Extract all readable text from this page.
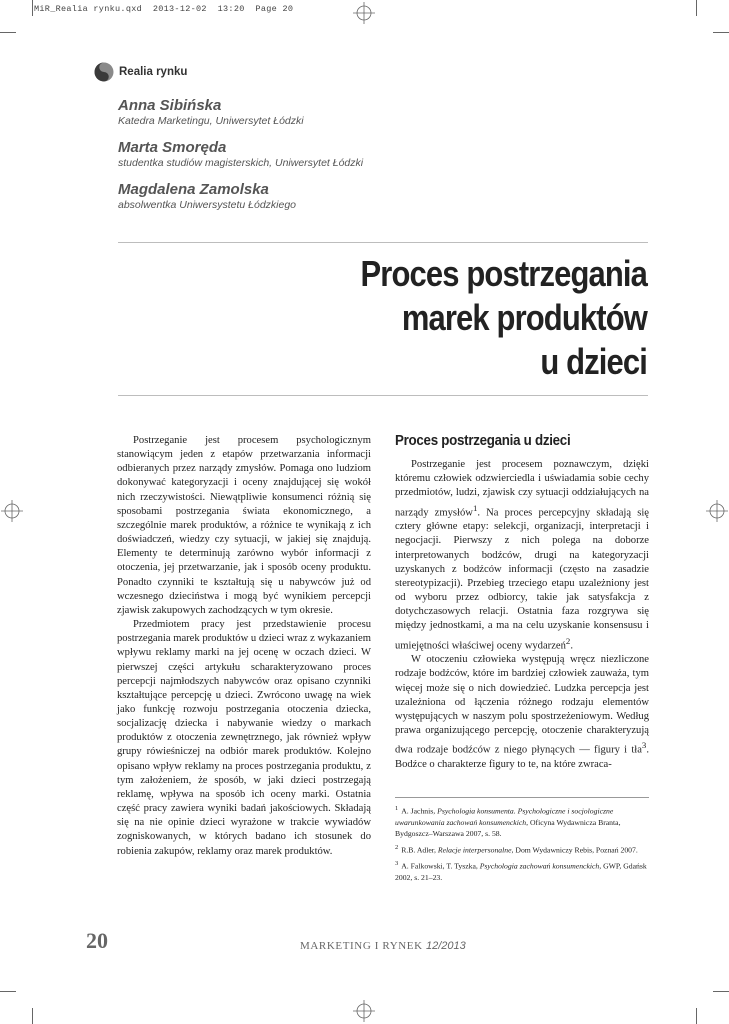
MiR_Realia rynku.qxd  2013-12-02  13:20  Page 20
Realia rynku
Anna Sibińska
Katedra Marketingu, Uniwersytet Łódzki
Marta Smoręda
studentka studiów magisterskich, Uniwersytet Łódzki
Magdalena Zamolska
absolwentka Uniwersystetu Łódzkiego
Proces postrzegania
marek produktów
u dzieci

Postrzeganie jest procesem psychologicznym stanowiącym jeden z etapów przetwarzania informacji odbieranych przez narządy zmysłów. Pomaga ono ludziom dokonywać kategoryzacji i oceny znajdującej się wokół nich rzeczywistości. Niewątpliwie konsumenci różnią się sposobami postrzegania świata ekonomicznego, a szczególnie marek produktów, a różnice te wynikają z ich doświadczeń, wiedzy czy sytuacji, w jakiej się znajdują. Elementy te determinują zarówno wybór informacji z otoczenia, jej przetwarzanie, jak i sposób oceny produktu. Ponadto czynniki te kształtują się u nabywców już od wczesnego dzieciństwa i mogą być wynikiem percepcji zjawisk zakupowych zachodzących w tym okresie.

Przedmiotem pracy jest przedstawienie procesu postrzegania marek produktów u dzieci wraz z wykazaniem wpływu reklamy marki na jej ocenę w oczach dzieci. W pierwszej części artykułu scharakteryzowano proces percepcji najmłodszych nabywców oraz opisano czynniki kształtujące percepcję u dzieci. Zwrócono uwagę na wiek jako funkcję rozwoju postrzegania otoczenia dziecka, socjalizację dziecka i nabywanie wiedzy o markach produktów z otoczenia zewnętrznego, jak również wpływ grupy rówieśniczej na odbiór marek produktów. Kolejno opisano wpływ reklamy na proces postrzegania produktu, z tym założeniem, że sposób, w jaki dzieci postrzegają reklamę, wpływa na sposób ich oceny marki. Ostatnia część pracy zawiera wyniki badań jakościowych. Składają się na nie opinie dzieci wyrażone w trakcie wywiadów zogniskowanych, w których badano ich stosunek do robienia zakupów, reklamy oraz marek produktów.

Proces postrzegania u dzieci

Postrzeganie jest procesem poznawczym, dzięki któremu człowiek odzwierciedla i uświadamia sobie cechy przedmiotów, ludzi, zjawisk czy sytuacji oddziałujących na narządy zmysłów$^1$. Na proces percepcyjny składają się cztery główne etapy: selekcji, organizacji, interpretacji i negocjacji. Pierwszy z nich polega na doborze interpretowanych bodźców, drugi na kategoryzacji uzyskanych z bodźców informacji (często na zasadzie stereotypizacji). Przebieg trzeciego etapu uzależniony jest od wyboru przez odbiorcy, takie jak satysfakcja z dotychczasowych relacji. Ostatnia faza rozgrywa się między jednostkami, a ma na celu uzyskanie konsensusu i umiejętności właściwej oceny wydarzeń$^2$.

W otoczeniu człowieka występują wręcz niezliczone rodzaje bodźców, które im bardziej człowiek zauważa, tym więcej może się o nich dowiedzieć. Ludzka percepcja jest uzależniona od łączenia różnego rodzaju elementów występujących w naszym polu spostrzeżeniowym. Według prawa organizującego percepcję, otoczenie charakteryzują dwa rodzaje bodźców z niego płynących — figury i tła$^3$. Bodźce o charakterze figury to te, na które zwraca-

$^1$ A. Jachnis, Psychologia konsumenta. Psychologiczne i socjologiczne uwarunkowania zachowań konsumenckich, Oficyna Wydawnicza Branta, Bydgoszcz–Warszawa 2007, s. 58.
$^2$ R.B. Adler, Relacje interpersonalne, Dom Wydawniczy Rebis, Poznań 2007.
$^3$ A. Falkowski, T. Tyszka, Psychologia zachowań konsumenckich, GWP, Gdańsk 2002, s. 21–23.
20	MARKETING I RYNEK 12/2013
